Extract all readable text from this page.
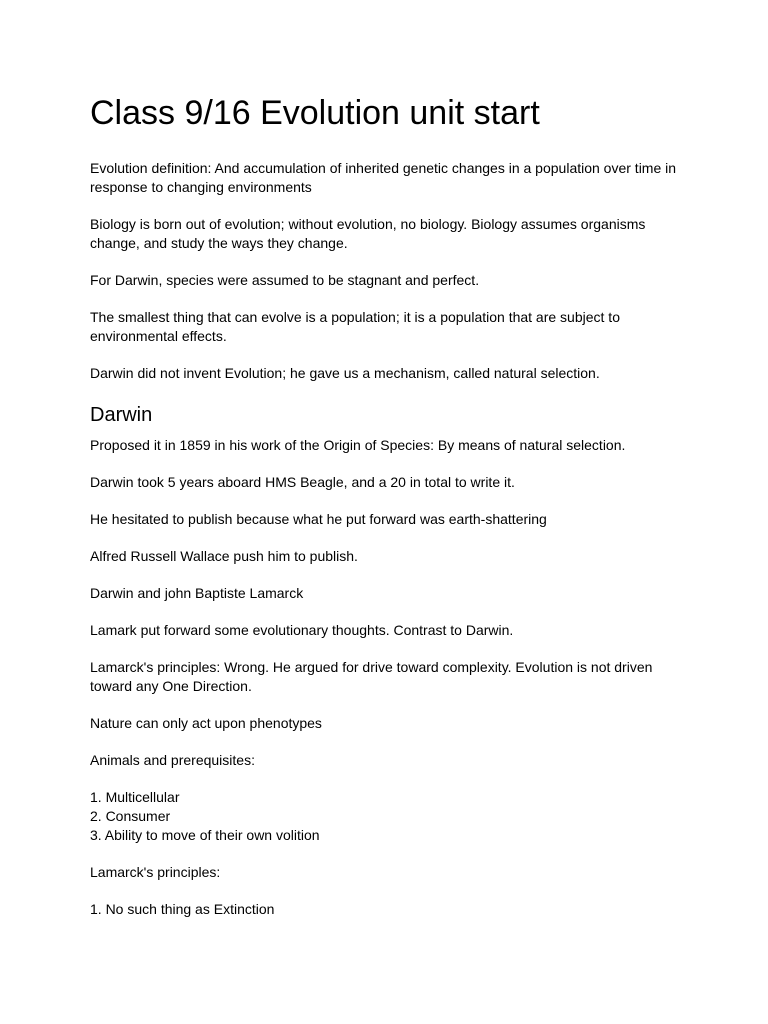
Class 9/16 Evolution unit start

Evolution definition: And accumulation of inherited genetic changes in a population over time in response to changing environments

Biology is born out of evolution; without evolution, no biology. Biology assumes organisms change, and study the ways they change.

For Darwin, species were assumed to be stagnant and perfect.

The smallest thing that can evolve is a population; it is a population that are subject to environmental effects.

Darwin did not invent Evolution; he gave us a mechanism, called natural selection.

Darwin

Proposed it in 1859 in his work of the Origin of Species: By means of natural selection.

Darwin took 5 years aboard HMS Beagle, and a 20 in total to write it.

He hesitated to publish because what he put forward was earth-shattering

Alfred Russell Wallace push him to publish.

Darwin and john Baptiste Lamarck

Lamark put forward some evolutionary thoughts. Contrast to Darwin.

Lamarck's principles: Wrong. He argued for drive toward complexity. Evolution is not driven toward any One Direction.

Nature can only act upon phenotypes

Animals and prerequisites:

1. Multicellular
2. Consumer
3. Ability to move of their own volition

Lamarck's principles:

1. No such thing as Extinction
